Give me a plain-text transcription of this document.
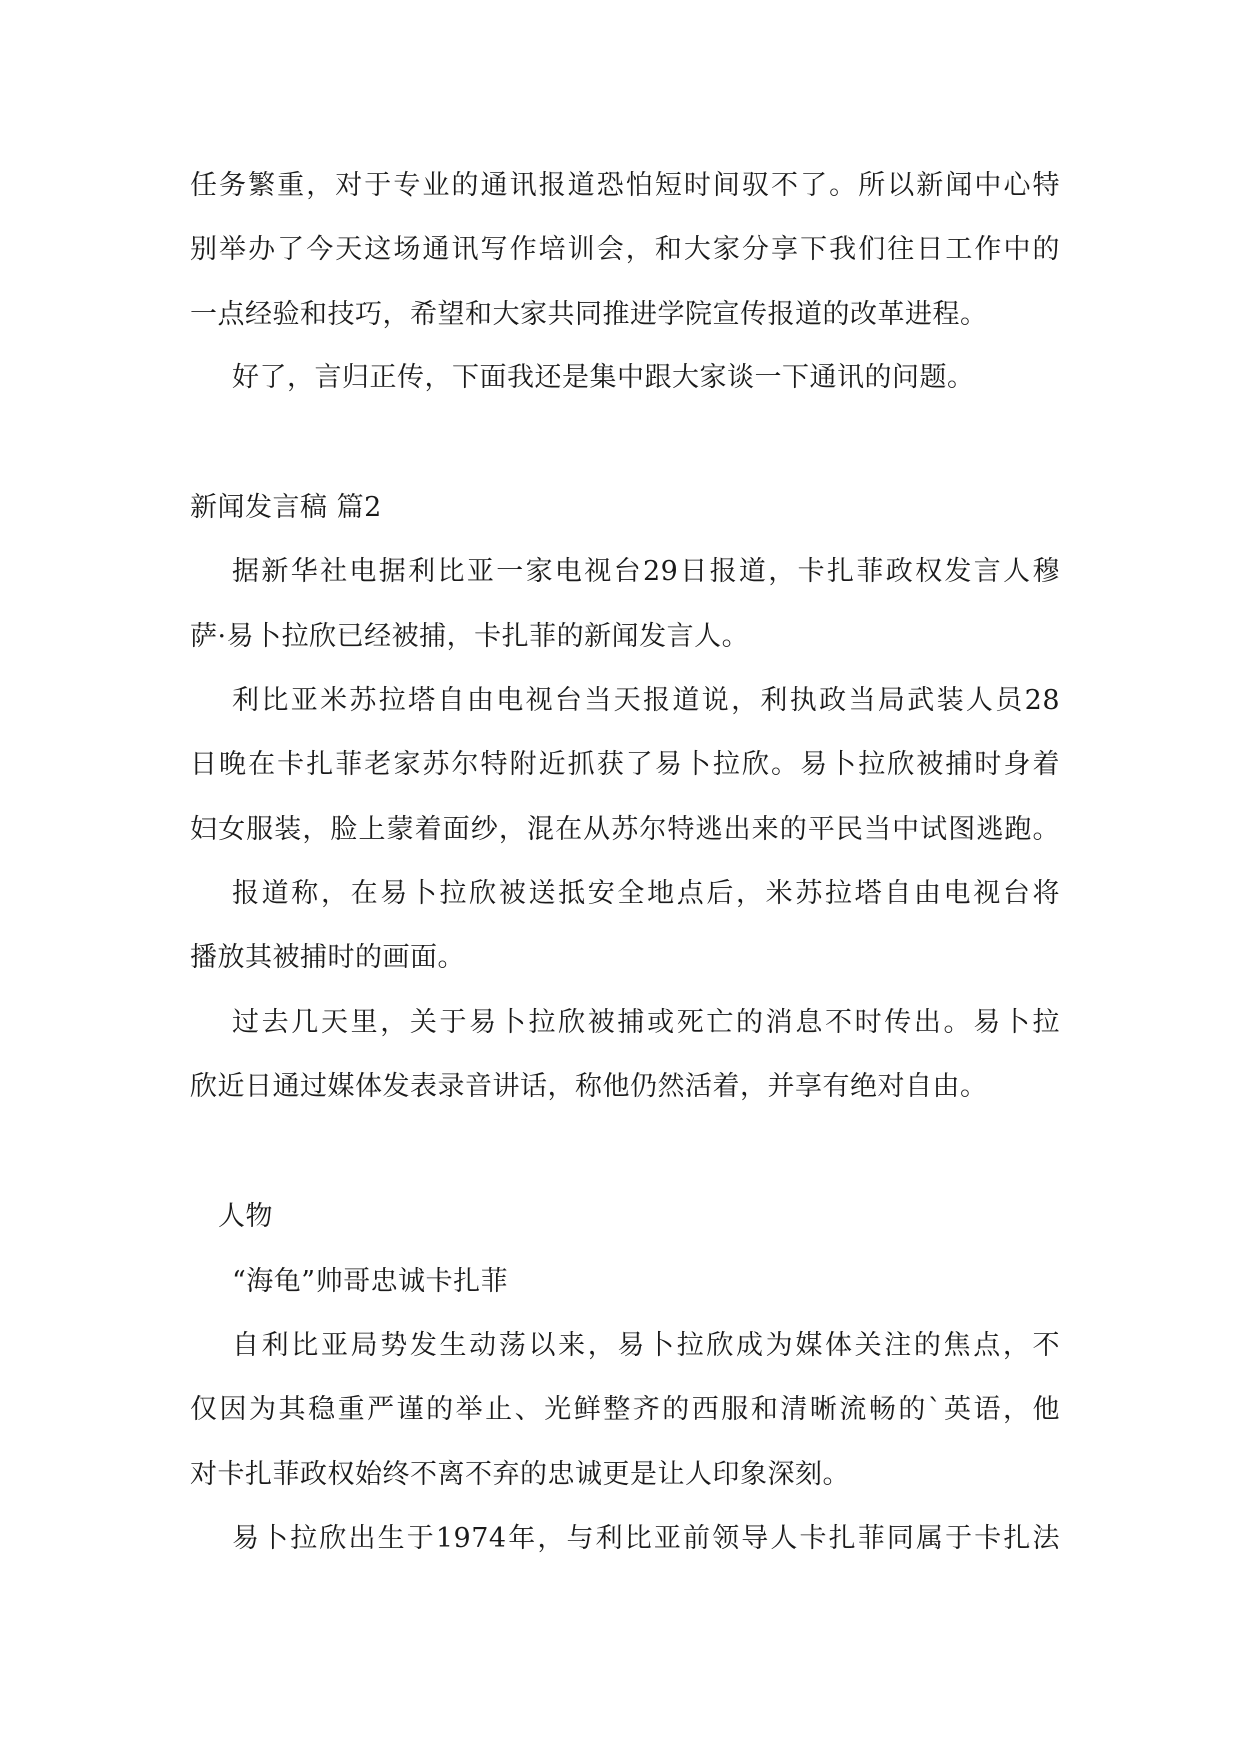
任务繁重，对于专业的通讯报道恐怕短时间驭不了。所以新闻中心特
别举办了今天这场通讯写作培训会，和大家分享下我们往日工作中的
一点经验和技巧，希望和大家共同推进学院宣传报道的改革进程。
好了，言归正传，下面我还是集中跟大家谈一下通讯的问题。
新闻发言稿 篇2
据新华社电据利比亚一家电视台29日报道，卡扎菲政权发言人穆
萨·易卜拉欣已经被捕，卡扎菲的新闻发言人。
利比亚米苏拉塔自由电视台当天报道说，利执政当局武装人员28
日晚在卡扎菲老家苏尔特附近抓获了易卜拉欣。易卜拉欣被捕时身着
妇女服装，脸上蒙着面纱，混在从苏尔特逃出来的平民当中试图逃跑。
报道称，在易卜拉欣被送抵安全地点后，米苏拉塔自由电视台将
播放其被捕时的画面。
过去几天里，关于易卜拉欣被捕或死亡的消息不时传出。易卜拉
欣近日通过媒体发表录音讲话，称他仍然活着，并享有绝对自由。
人物
“海龟”帅哥忠诚卡扎菲
自利比亚局势发生动荡以来，易卜拉欣成为媒体关注的焦点，不
仅因为其稳重严谨的举止、光鲜整齐的西服和清晰流畅的`英语，他
对卡扎菲政权始终不离不弃的忠诚更是让人印象深刻。
易卜拉欣出生于1974年，与利比亚前领导人卡扎菲同属于卡扎法
